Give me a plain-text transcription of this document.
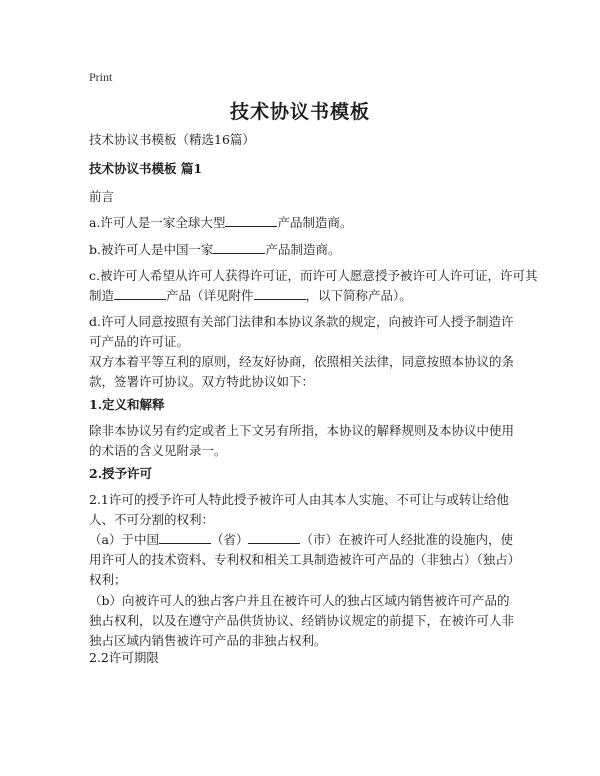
Print
技术协议书模板
技术协议书模板（精选16篇）
技术协议书模板 篇1
前言
a.许可人是一家全球大型	产品制造商。
b.被许可人是中国一家	产品制造商。
c.被许可人希望从许可人获得许可证，而许可人愿意授予被许可人许可证，许可其
制造	产品（详见附件	，以下简称产品）。
d.许可人同意按照有关部门法律和本协议条款的规定，向被许可人授予制造许可产品的许可证。
双方本着平等互利的原则，经友好协商，依照相关法律，同意按照本协议的条款，签署许可协议。双方特此协议如下：
1.定义和解释
除非本协议另有约定或者上下文另有所指，本协议的解释规则及本协议中使用的术语的含义见附录一。
2.授予许可
2.1许可的授予许可人特此授予被许可人由其本人实施、不可让与或转让给他人、不可分割的权利：
（a）于中国	（省）	（市）在被许可人经批准的设施内，使用许可人的技术资料、专利权和相关工具制造被许可产品的（非独占）（独占）权利；
（b）向被许可人的独占客户并且在被许可人的独占区域内销售被许可产品的独占权利，以及在遵守产品供货协议、经销协议规定的前提下，在被许可人非独占区域内销售被许可产品的非独占权利。
2.2许可期限
